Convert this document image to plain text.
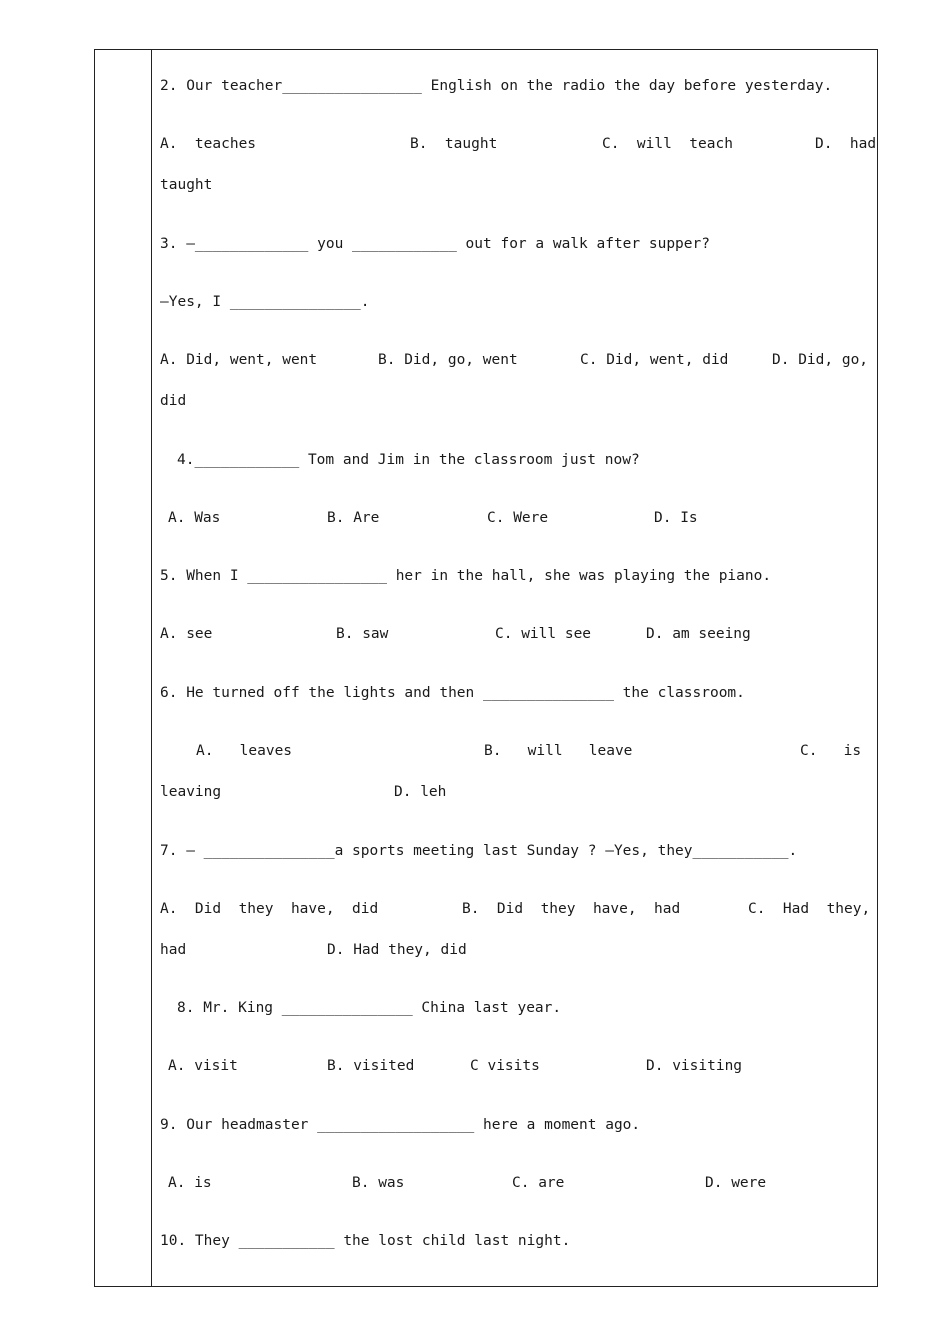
2. Our teacher________________ English on the radio the day before yesterday.
A.  teaches	B.  taught	C.  will  teach	D.  had
taught
3. —_____________ you ____________ out for a walk after supper?
—Yes, I _______________.
A. Did, went, went	B. Did, go, went	C. Did, went, did	D. Did, go,
did
4.____________ Tom and Jim in the classroom just now?
A. Was	B. Are	C. Were	D. Is
5. When I ________________ her in the hall, she was playing the piano.
A. see	B. saw	C. will see	D. am seeing
6. He turned off the lights and then _______________ the classroom.
A.   leaves	B.   will   leave	C.   is
leaving	D. leh
7. — _______________a sports meeting last Sunday ? —Yes, they___________.
A.  Did  they  have,  did	B.  Did  they  have,  had	C.  Had  they,
had	D. Had they, did
8. Mr. King _______________ China last year.
A. visit	B. visited	C visits	D. visiting
9. Our headmaster __________________ here a moment ago.
A. is	B. was	C. are	D. were
10. They ___________ the lost child last night.
